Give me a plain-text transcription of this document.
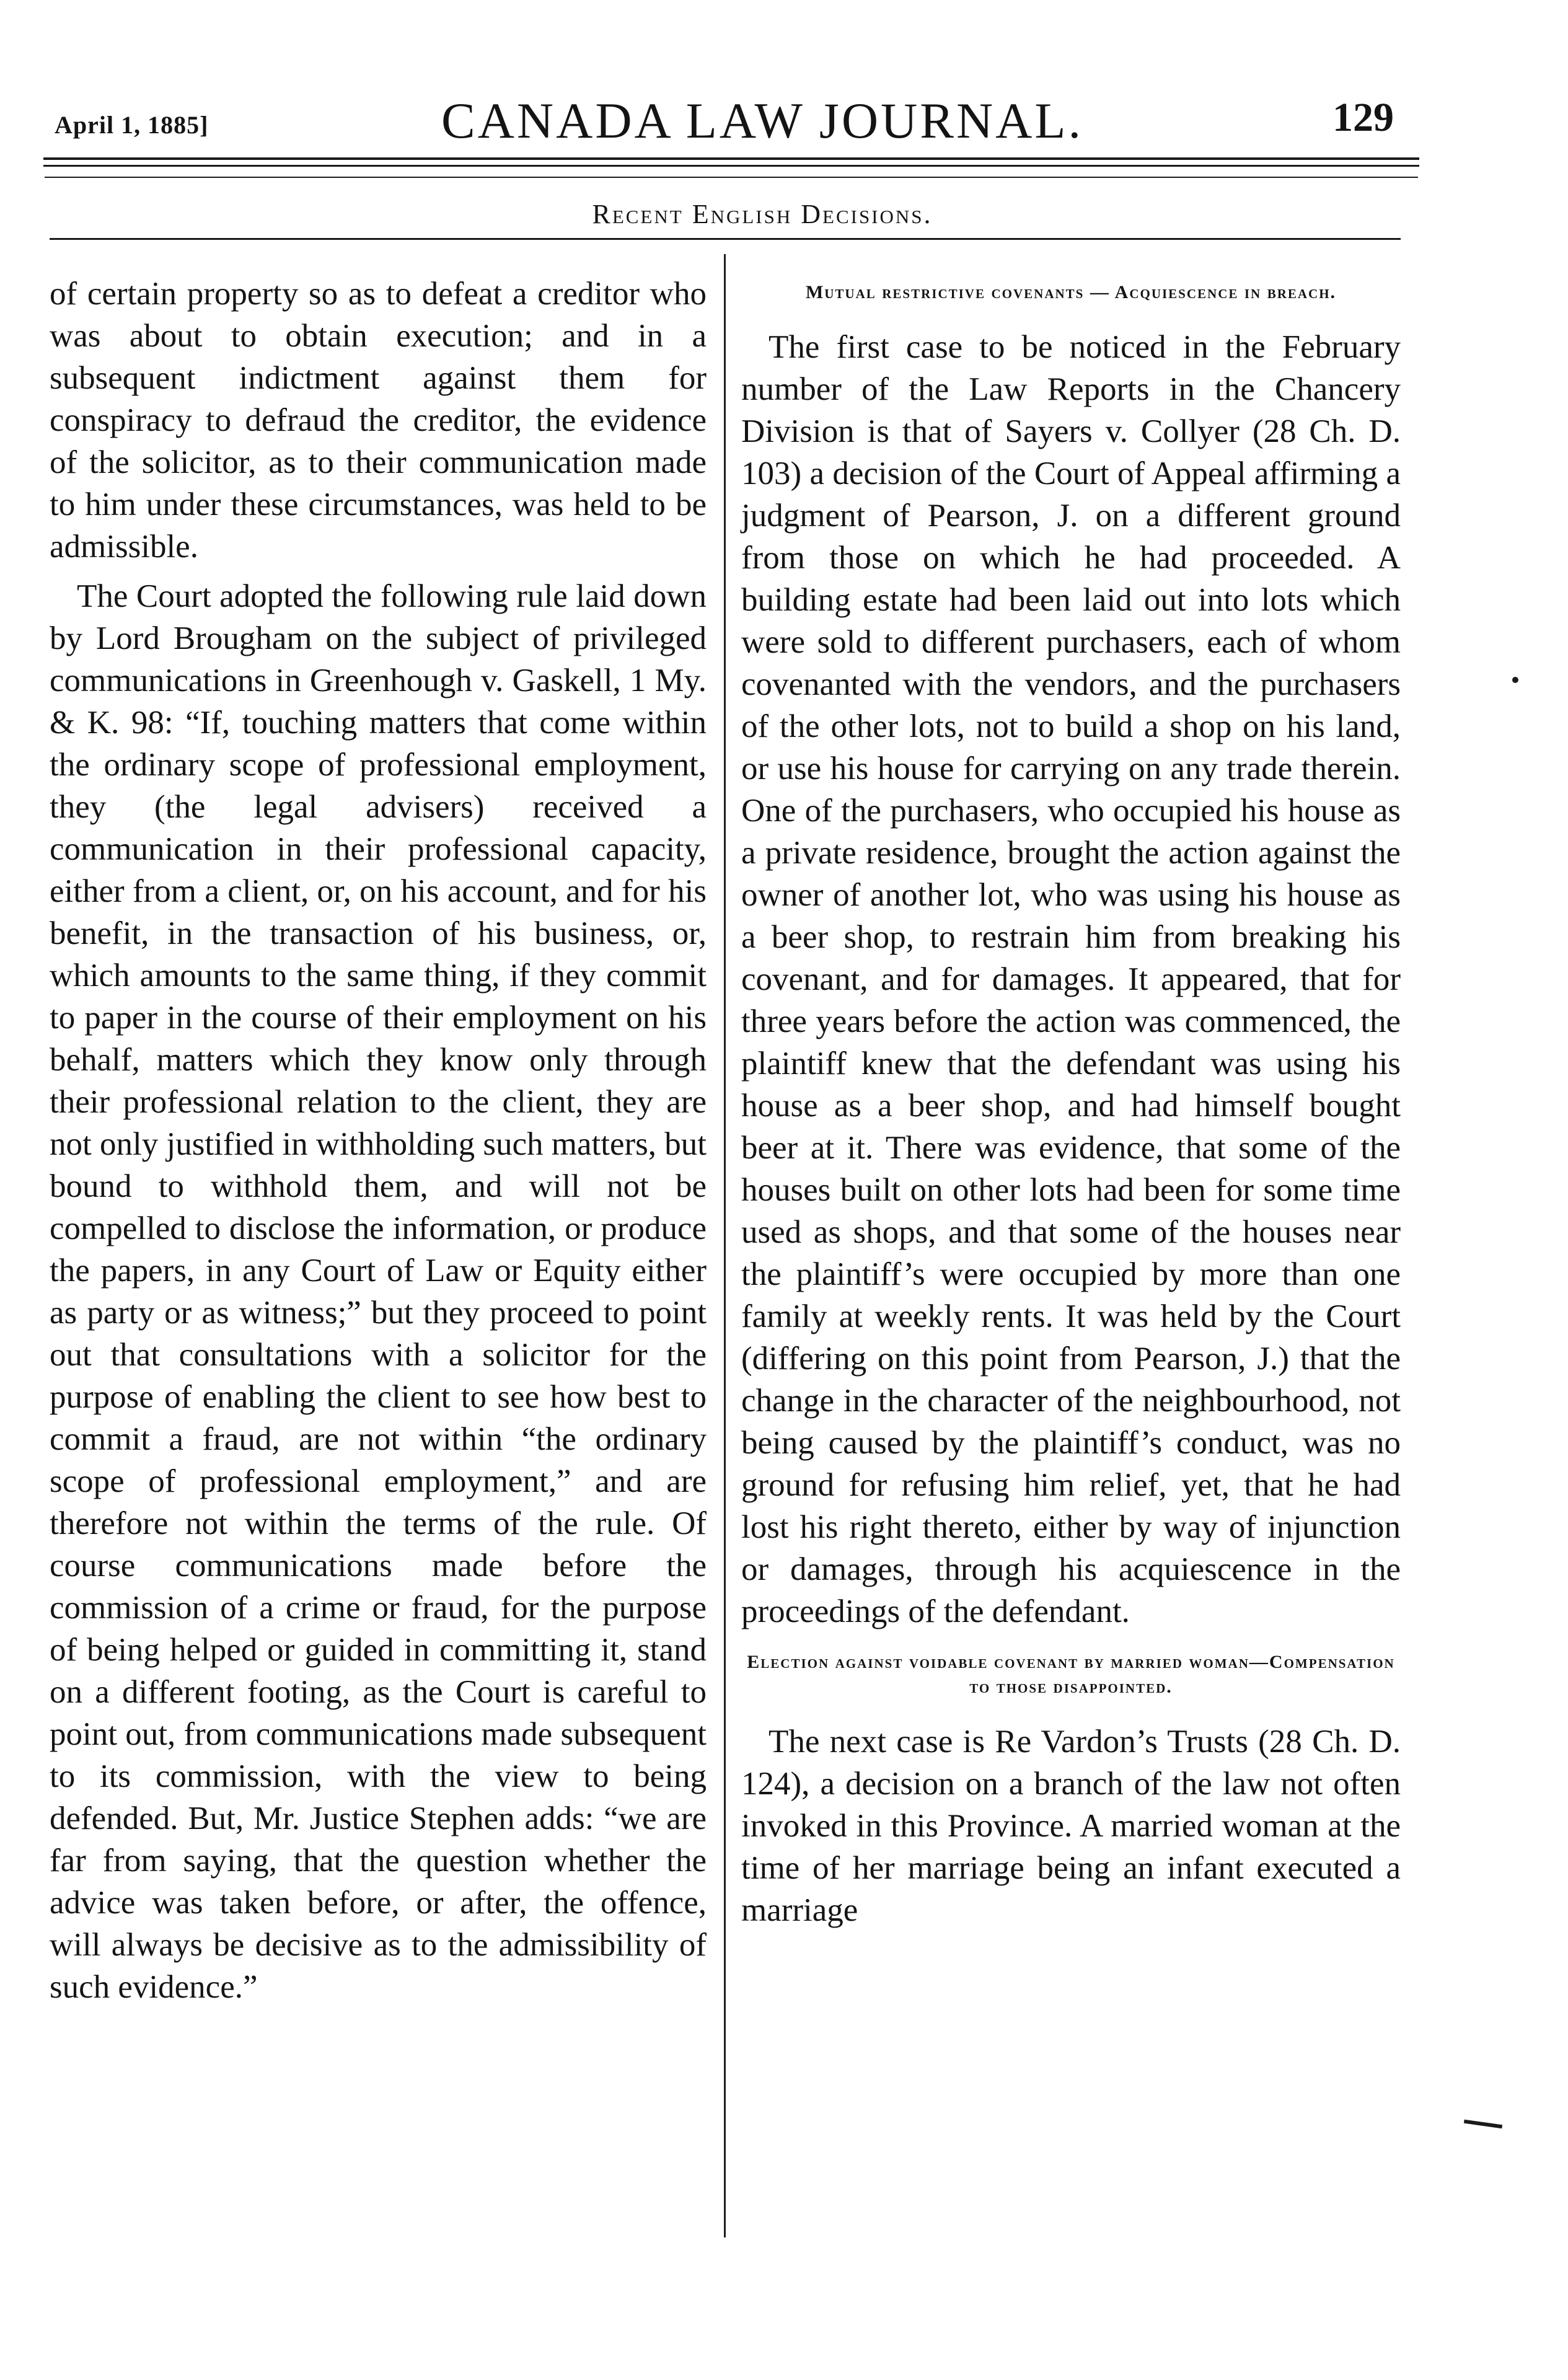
April 1, 1885]	CANADA LAW JOURNAL.	129
Recent English Decisions.

of certain property so as to defeat a creditor who was about to obtain execution; and in a subsequent indictment against them for conspiracy to defraud the creditor, the evidence of the solicitor, as to their communication made to him under these circumstances, was held to be admissible.

The Court adopted the following rule laid down by Lord Brougham on the subject of privileged communications in Greenhough v. Gaskell, 1 My. & K. 98: “If, touching matters that come within the ordinary scope of professional employment, they (the legal advisers) received a communication in their professional capacity, either from a client, or, on his account, and for his benefit, in the transaction of his business, or, which amounts to the same thing, if they commit to paper in the course of their employment on his behalf, matters which they know only through their professional relation to the client, they are not only justified in withholding such matters, but bound to withhold them, and will not be compelled to disclose the information, or produce the papers, in any Court of Law or Equity either as party or as witness;” but they proceed to point out that consultations with a solicitor for the purpose of enabling the client to see how best to commit a fraud, are not within “the ordinary scope of professional employment,” and are therefore not within the terms of the rule. Of course communications made before the commission of a crime or fraud, for the purpose of being helped or guided in committing it, stand on a different footing, as the Court is careful to point out, from communications made subsequent to its commission, with the view to being defended. But, Mr. Justice Stephen adds: “we are far from saying, that the question whether the advice was taken before, or after, the offence, will always be decisive as to the admissibility of such evidence.”

Mutual restrictive covenants — Acquiescence in breach.

The first case to be noticed in the February number of the Law Reports in the Chancery Division is that of Sayers v. Collyer (28 Ch. D. 103) a decision of the Court of Appeal affirming a judgment of Pearson, J. on a different ground from those on which he had proceeded. A building estate had been laid out into lots which were sold to different purchasers, each of whom covenanted with the vendors, and the purchasers of the other lots, not to build a shop on his land, or use his house for carrying on any trade therein. One of the purchasers, who occupied his house as a private residence, brought the action against the owner of another lot, who was using his house as a beer shop, to restrain him from breaking his covenant, and for damages. It appeared, that for three years before the action was commenced, the plaintiff knew that the defendant was using his house as a beer shop, and had himself bought beer at it. There was evidence, that some of the houses built on other lots had been for some time used as shops, and that some of the houses near the plaintiff’s were occupied by more than one family at weekly rents. It was held by the Court (differing on this point from Pearson, J.) that the change in the character of the neighbourhood, not being caused by the plaintiff’s conduct, was no ground for refusing him relief, yet, that he had lost his right thereto, either by way of injunction or damages, through his acquiescence in the proceedings of the defendant.

Election against voidable covenant by married woman—Compensation to those disappointed.

The next case is Re Vardon’s Trusts (28 Ch. D. 124), a decision on a branch of the law not often invoked in this Province. A married woman at the time of her marriage being an infant executed a marriage
